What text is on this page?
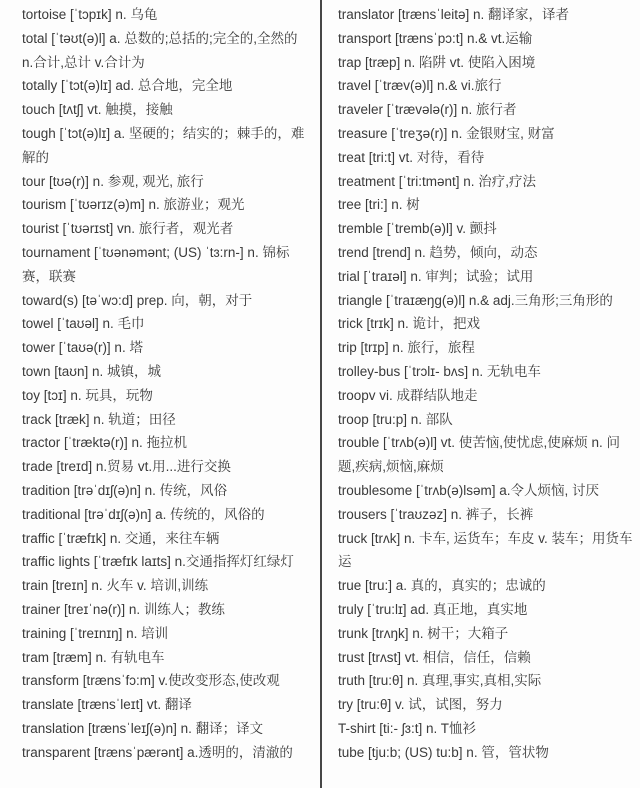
tortoise [ˈtɔpɪk] n. 乌龟

total [ˈtəʊt(ə)l] a. 总数的;总括的;完全的,全然的 n.合计,总计 v.合计为

totally [ˈtɔt(ə)lɪ] ad. 总合地，完全地

touch [tʌtʃ] vt. 触摸，接触

tough [ˈtɔt(ə)lɪ] a. 坚硬的；结实的；棘手的，难解的

tour [tʊə(r)] n. 参观, 观光, 旅行

tourism [ˈtʊərɪz(ə)m] n. 旅游业；观光

tourist [ˈtʊərɪst] vn. 旅行者，观光者

tournament [ˈtʊənəmənt; (US) ˈtɜ:rn-] n. 锦标赛，联赛

toward(s) [təˈwɔ:d] prep. 向，朝，对于

towel [ˈtaʊəl] n. 毛巾

tower [ˈtaʊə(r)] n. 塔

town [taʊn] n. 城镇，城

toy [tɔɪ] n. 玩具，玩物

track [træk] n. 轨道；田径

tractor [ˈtræktə(r)] n. 拖拉机

trade [treɪd] n.贸易 vt.用...进行交换

tradition [trəˈdɪʃ(ə)n] n. 传统，风俗

traditional [trəˈdɪʃ(ə)n] a. 传统的，风俗的

traffic [ˈtræfɪk] n. 交通，来往车辆

traffic lights [ˈtræfɪk laɪts] n.交通指挥灯红绿灯

train [treɪn] n. 火车 v. 培训,训练

trainer [treɪˈnə(r)] n. 训练人；教练

training [ˈtreɪnɪŋ] n. 培训

tram [træm] n. 有轨电车

transform [trænsˈfɔ:m] v.使改变形态,使改观

translate [trænsˈleɪt] vt. 翻译

translation [trænsˈleɪʃ(ə)n] n. 翻译；译文

transparent [trænsˈpærənt] a.透明的，清澈的

translator [trænsˈleitə] n. 翻译家，译者

transport [trænsˈpɔ:t] n.& vt.运输

trap [træp] n. 陷阱 vt. 使陷入困境

travel [ˈtræv(ə)l] n.& vi.旅行

traveler [ˈtrævələ(r)] n. 旅行者

treasure [ˈtreʒə(r)] n. 金银财宝, 财富

treat [tri:t] vt. 对待，看待

treatment [ˈtri:tmənt] n. 治疗,疗法

tree [tri:] n. 树

tremble [ˈtremb(ə)l] v. 颤抖

trend [trend] n. 趋势，倾向，动态

trial [ˈtraɪəl] n. 审判；试验；试用

triangle [ˈtraɪæŋg(ə)l] n.& adj.三角形;三角形的

trick [trɪk] n. 诡计，把戏

trip [trɪp] n. 旅行，旅程

trolley-bus [ˈtrɔlɪ- bʌs] n. 无轨电车

troopv vi. 成群结队地走

troop [tru:p] n. 部队

trouble [ˈtrʌb(ə)l] vt. 使苦恼,使忧虑,使麻烦 n. 问题,疾病,烦恼,麻烦

troublesome [ˈtrʌb(ə)lsəm] a.令人烦恼, 讨厌

trousers [ˈtraʊzəz] n. 裤子，长裤

truck [trʌk] n. 卡车, 运货车；车皮 v. 装车；用货车运

true [tru:] a. 真的，真实的；忠诚的

truly [ˈtru:lɪ] ad. 真正地，真实地

trunk [trʌŋk] n. 树干；大箱子

trust [trʌst] vt. 相信，信任，信赖

truth [tru:θ] n. 真理,事实,真相,实际

try [tru:θ] v. 试，试图，努力

T-shirt [ti:- ʃɜ:t] n. T恤衫

tube [tju:b; (US) tu:b] n. 管，管状物
